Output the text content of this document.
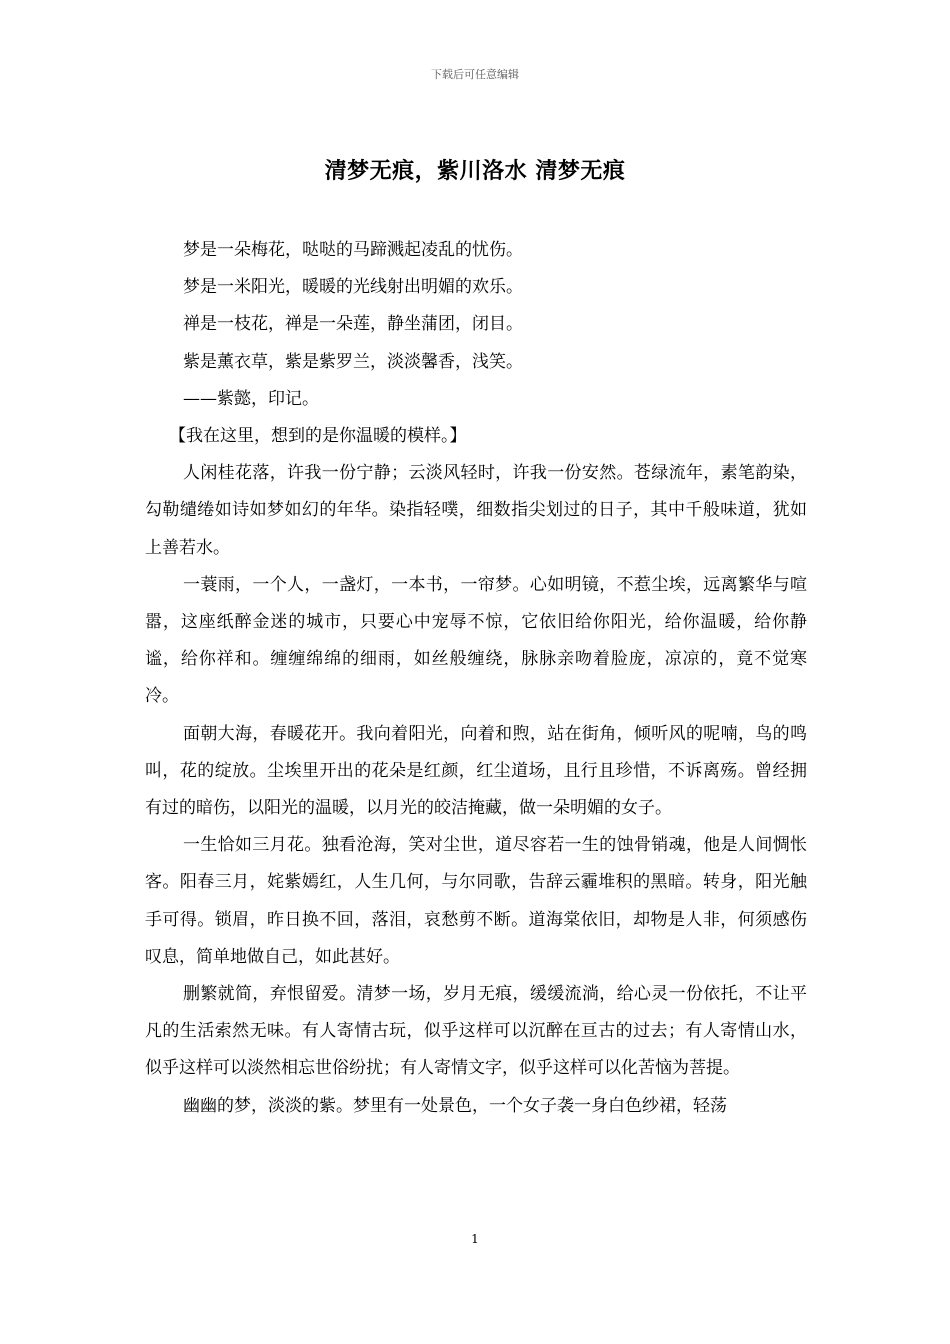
下载后可任意编辑
清梦无痕，紫川洛水 清梦无痕

梦是一朵梅花，哒哒的马蹄溅起凌乱的忧伤。

梦是一米阳光，暖暖的光线射出明媚的欢乐。

禅是一枝花，禅是一朵莲，静坐蒲团，闭目。

紫是薰衣草，紫是紫罗兰，淡淡馨香，浅笑。

——紫懿，印记。

【我在这里，想到的是你温暖的模样。】

人闲桂花落，许我一份宁静；云淡风轻时，许我一份安然。苍绿流年，素笔韵染，勾勒缱绻如诗如梦如幻的年华。染指轻噗，细数指尖划过的日子，其中千般味道，犹如上善若水。

一蓑雨，一个人，一盏灯，一本书，一帘梦。心如明镜，不惹尘埃，远离繁华与喧嚣，这座纸醉金迷的城市，只要心中宠辱不惊，它依旧给你阳光，给你温暖，给你静谧，给你祥和。缠缠绵绵的细雨，如丝般缠绕，脉脉亲吻着脸庞，凉凉的，竟不觉寒冷。

面朝大海，春暖花开。我向着阳光，向着和煦，站在街角，倾听风的呢喃，鸟的鸣叫，花的绽放。尘埃里开出的花朵是红颜，红尘道场，且行且珍惜，不诉离殇。曾经拥有过的暗伤，以阳光的温暖，以月光的皎洁掩藏，做一朵明媚的女子。

一生恰如三月花。独看沧海，笑对尘世，道尽容若一生的蚀骨销魂，他是人间惆怅客。阳春三月，姹紫嫣红，人生几何，与尔同歌，告辞云霾堆积的黑暗。转身，阳光触手可得。锁眉，昨日换不回，落泪，哀愁剪不断。道海棠依旧，却物是人非，何须感伤叹息，简单地做自己，如此甚好。

删繁就简，弃恨留爱。清梦一场，岁月无痕，缓缓流淌，给心灵一份依托，不让平凡的生活索然无味。有人寄情古玩，似乎这样可以沉醉在亘古的过去；有人寄情山水，似乎这样可以淡然相忘世俗纷扰；有人寄情文字，似乎这样可以化苦恼为菩提。

幽幽的梦，淡淡的紫。梦里有一处景色，一个女子袭一身白色纱裙，轻荡

1
